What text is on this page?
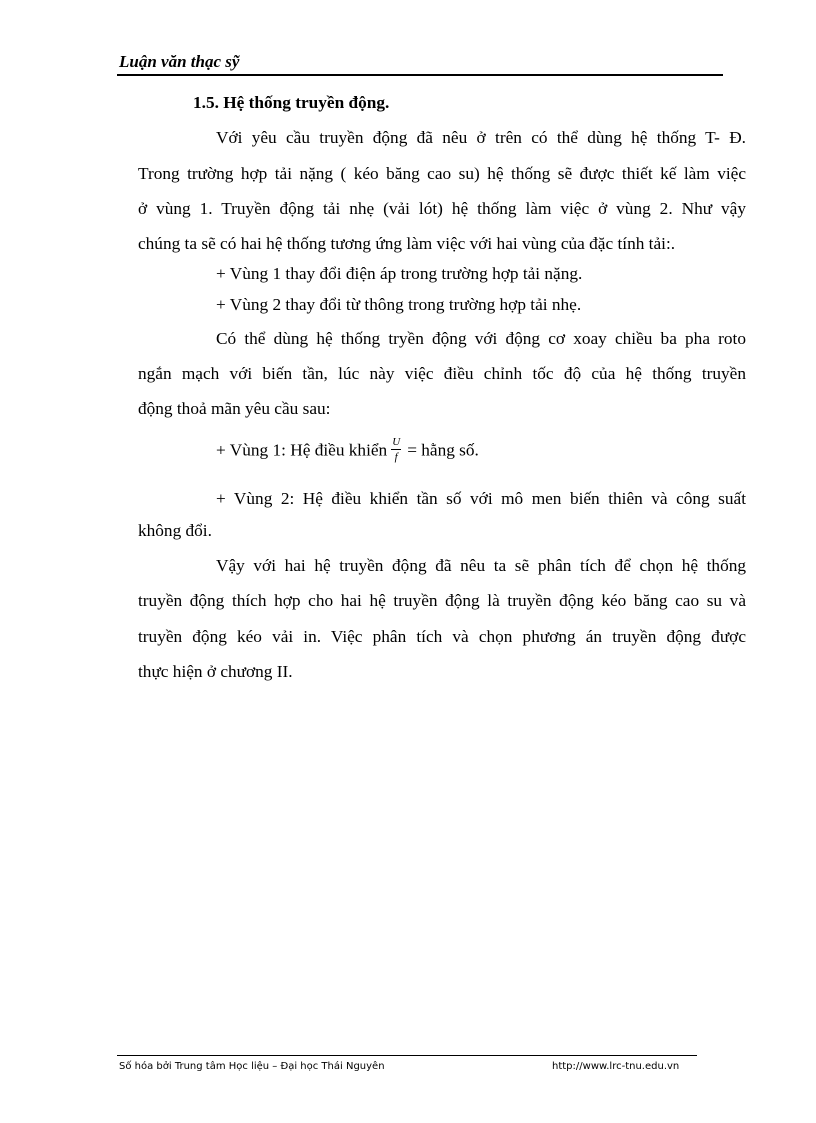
Luận văn thạc sỹ
1.5. Hệ thống truyền động.
Với yêu cầu truyền động đã nêu ở trên có thể dùng hệ thống T- Đ.
Trong trường hợp tải nặng ( kéo băng cao su) hệ thống sẽ được thiết kế làm việc
ở vùng 1. Truyền động tải nhẹ (vải lót) hệ thống làm việc ở vùng 2. Như vậy
chúng ta sẽ có hai hệ thống tương ứng làm việc với hai vùng của đặc tính tải:.
+ Vùng 1 thay đổi điện áp trong trường hợp tải nặng.
+ Vùng 2 thay đổi từ thông trong trường hợp tải nhẹ.
Có thể dùng hệ thống tryền động với động cơ xoay chiều ba pha roto
ngắn mạch với biến tần, lúc này việc điều chỉnh tốc độ của hệ thống truyền
động thoả mãn yêu cầu sau:
+ Vùng 1: Hệ điều khiển $\frac{U}{f}$ = hằng số.
+ Vùng 2: Hệ điều khiển tần số với mô men biến thiên và công suất
không đổi.
Vậy với hai hệ truyền động đã nêu ta sẽ phân tích để chọn hệ thống
truyền động thích hợp cho hai hệ truyền động là truyền động kéo băng cao su và
truyền động kéo vải in. Việc phân tích và chọn phương án truyền động được
thực hiện ở chương II.
Số hóa bởi Trung tâm Học liệu – Đại học Thái Nguyên	http://www.lrc-tnu.edu.vn
